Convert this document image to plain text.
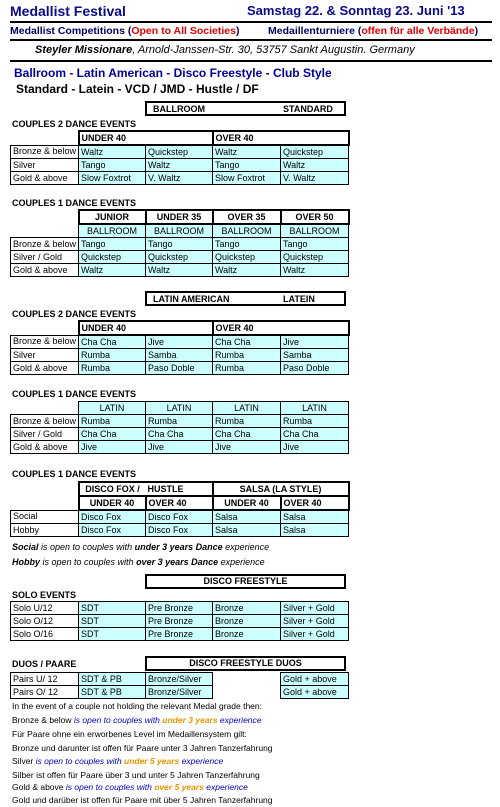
Medallist Festival	Samstag 22. & Sonntag 23. Juni '13
Medallist Competitions (Open to All Societies)	Medaillenturniere (offen für alle Verbände)
Steyler Missionare, Arnold-Janssen-Str. 30, 53757 Sankt Augustin. Germany
Ballroom - Latin American - Disco Freestyle - Club Style
Standard - Latein - VCD / JMD - Hustle / DF
BALLROOM	STANDARD
COUPLES 2 DANCE EVENTS
	UNDER 40		OVER 40	
Bronze & below	Waltz	Quickstep	Waltz	Quickstep
Silver	Tango	Waltz	Tango	Waltz
Gold & above	Slow Foxtrot	V. Waltz	Slow Foxtrot	V. Waltz
COUPLES 1 DANCE EVENTS
	JUNIOR	UNDER 35	OVER 35	OVER 50
	BALLROOM	BALLROOM	BALLROOM	BALLROOM
Bronze & below	Tango	Tango	Tango	Tango
Silver / Gold	Quickstep	Quickstep	Quickstep	Quickstep
Gold & above	Waltz	Waltz	Waltz	Waltz
LATIN AMERICAN	LATEIN
COUPLES 2 DANCE EVENTS
	UNDER 40		OVER 40	
Bronze & below	Cha Cha	Jive	Cha Cha	Jive
Silver	Rumba	Samba	Rumba	Samba
Gold & above	Rumba	Paso Doble	Rumba	Paso Doble
COUPLES 1 DANCE EVENTS
	LATIN	LATIN	LATIN	LATIN
Bronze & below	Rumba	Rumba	Rumba	Rumba
Silver / Gold	Cha Cha	Cha Cha	Cha Cha	Cha Cha
Gold & above	Jive	Jive	Jive	Jive
COUPLES 1 DANCE EVENTS
	DISCO FOX /	HUSTLE	SALSA (LA STYLE)	
	UNDER 40	OVER 40	UNDER 40	OVER 40
Social	Disco Fox	Disco Fox	Salsa	Salsa
Hobby	Disco Fox	Disco Fox	Salsa	Salsa
Social is open to couples with under 3 years Dance experience
Hobby is open to couples with over 3 years Dance experience
DISCO FREESTYLE
SOLO EVENTS
Solo U/12	SDT	Pre Bronze	Bronze	Silver + Gold
Solo O/12	SDT	Pre Bronze	Bronze	Silver + Gold
Solo O/16	SDT	Pre Bronze	Bronze	Silver + Gold
DUOS / PAARE	DISCO FREESTYLE DUOS
Pairs U/ 12	SDT & PB	Bronze/Silver		Gold + above
Pairs O/ 12	SDT & PB	Bronze/Silver		Gold + above
In the event of a couple not holding the relevant Medal grade then:
Bronze & below is open to couples with under 3 years experience
Für Paare ohne ein erworbenes Level im Medaillensystem gilt:
Bronze und darunter ist offen für Paare unter 3 Jahren Tanzerfahrung
Silver is open to couples with under 5 years experience
Silber ist offen für Paare über 3 und unter 5 Jahren Tanzerfahrung
Gold & above is open to couples with over 5 years experience
Gold und darüber ist offen für Paare mit über 5 Jahren Tanzerfahrung
